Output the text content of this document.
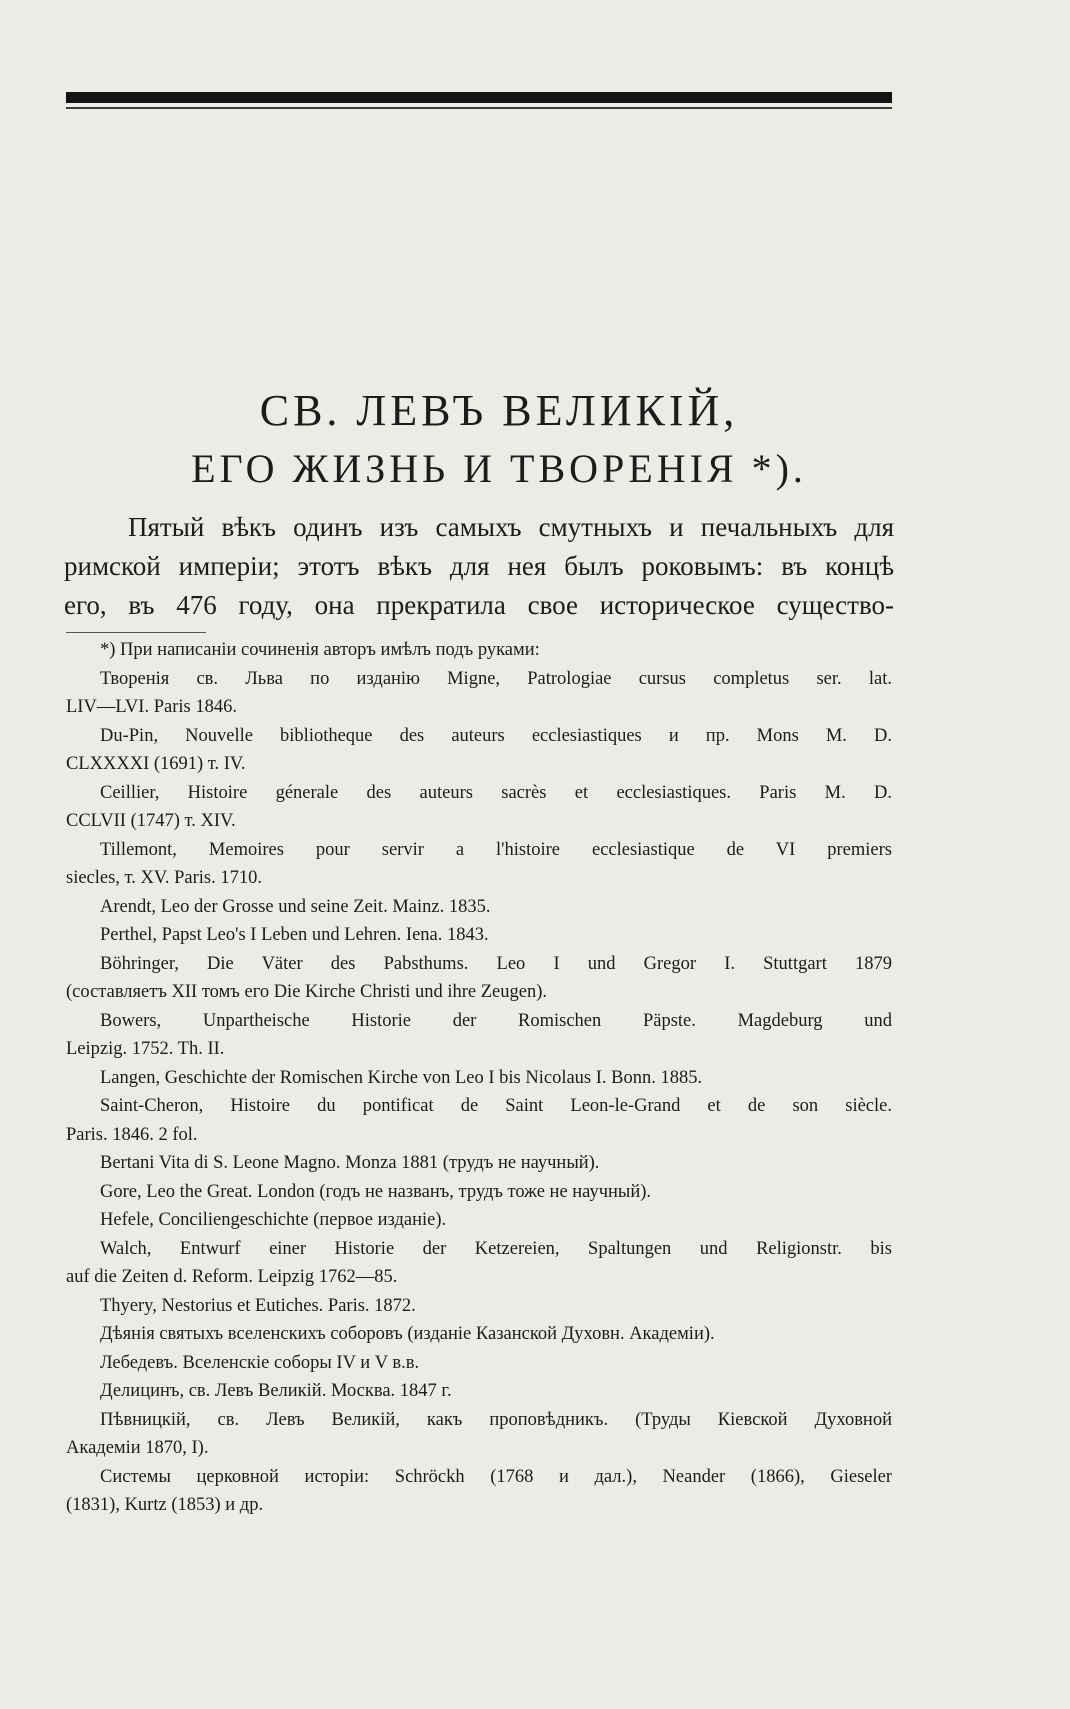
СВ. ЛЕВЪ ВЕЛИКІЙ,
ЕГО ЖИЗНЬ И ТВОРЕНІЯ *).
Пятый вѣкъ одинъ изъ самыхъ смутныхъ и печальныхъ для
римской имперіи; этотъ вѣкъ для нея былъ роковымъ: въ концѣ
его, въ 476 году, она прекратила свое историческое существо-
*) При написаніи сочиненія авторъ имѣлъ подъ руками:
Творенія св. Льва по изданію Migne, Patrologiae cursus completus ser. lat.
LIV—LVI. Paris 1846.
Du-Pin, Nouvelle bibliotheque des auteurs ecclesiastiques и пр. Mons M. D.
CLXXXXI (1691) т. IV.
Ceillier, Histoire génerale des auteurs sacrès et ecclesiastiques. Paris M. D.
CCLVII (1747) т. XIV.
Tillemont, Memoires pour servir a l'histoire ecclesiastique de VI premiers
siecles, т. XV. Paris. 1710.
Arendt, Leo der Grosse und seine Zeit. Mainz. 1835.
Perthel, Papst Leo's I Leben und Lehren. Iena. 1843.
Böhringer, Die Väter des Pabsthums. Leo I und Gregor I. Stuttgart 1879
(составляетъ XII томъ его Die Kirche Christi und ihre Zeugen).
Bowers, Unpartheische Historie der Romischen Päpste. Magdeburg und
Leipzig. 1752. Th. II.
Langen, Geschichte der Romischen Kirche von Leo I bis Nicolaus I. Bonn. 1885.
Saint-Cheron, Histoire du pontificat de Saint Leon-le-Grand et de son siècle.
Paris. 1846. 2 fol.
Bertani Vita di S. Leone Magno. Monza 1881 (трудъ не научный).
Gore, Leo the Great. London (годъ не названъ, трудъ тоже не научный).
Hefele, Conciliengeschichte (первое изданіе).
Walch, Entwurf einer Historie der Ketzereien, Spaltungen und Religionstr. bis
auf die Zeiten d. Reform. Leipzig 1762—85.
Thyery, Nestorius et Eutiches. Paris. 1872.
Дѣянія святыхъ вселенскихъ соборовъ (изданіе Казанской Духовн. Академіи).
Лебедевъ. Вселенскіе соборы IV и V в.в.
Делицинъ, св. Левъ Великій. Москва. 1847 г.
Пѣвницкій, св. Левъ Великій, какъ проповѣдникъ. (Труды Кіевской Духовной
Академіи 1870, I).
Системы церковной исторіи: Schröckh (1768 и дал.), Neander (1866), Gieseler
(1831), Kurtz (1853) и др.
